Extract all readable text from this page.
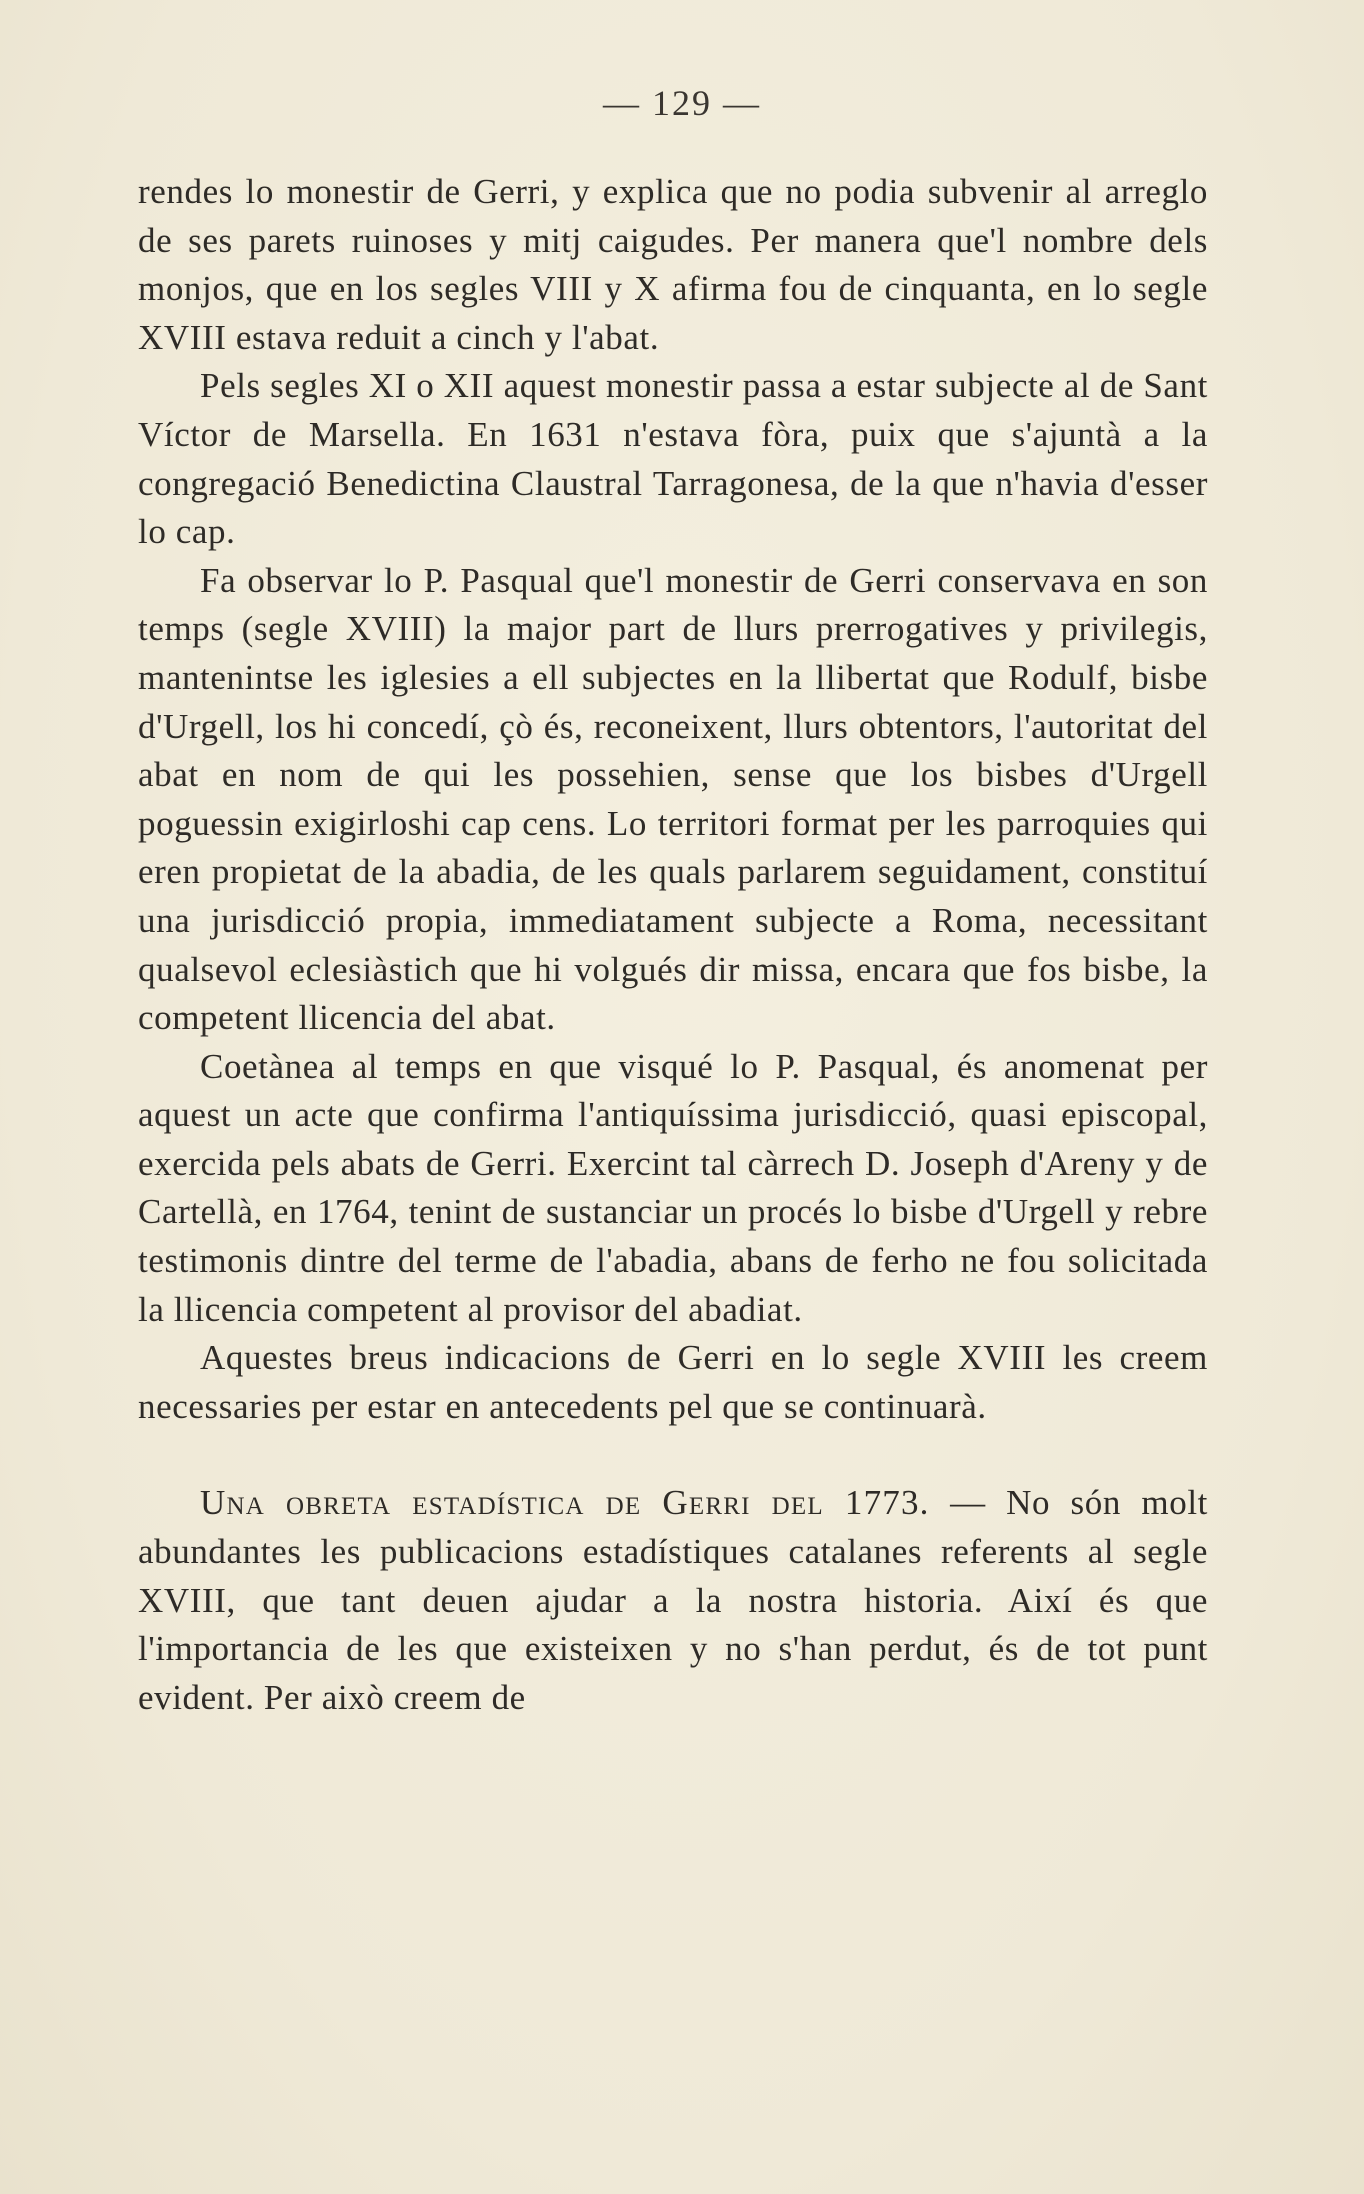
— 129 —

rendes lo monestir de Gerri, y explica que no podia subvenir al arreglo de ses parets ruinoses y mitj caigudes. Per manera que'l nombre dels monjos, que en los segles VIII y X afirma fou de cinquanta, en lo segle XVIII estava reduit a cinch y l'abat.

Pels segles XI o XII aquest monestir passa a estar subjecte al de Sant Víctor de Marsella. En 1631 n'estava fòra, puix que s'ajuntà a la congregació Benedictina Claustral Tarragonesa, de la que n'havia d'esser lo cap.

Fa observar lo P. Pasqual que'l monestir de Gerri conservava en son temps (segle XVIII) la major part de llurs prerrogatives y privilegis, mantenintse les iglesies a ell subjectes en la llibertat que Rodulf, bisbe d'Urgell, los hi concedí, çò és, reconeixent, llurs obtentors, l'autoritat del abat en nom de qui les possehien, sense que los bisbes d'Urgell poguessin exigirloshi cap cens. Lo territori format per les parroquies qui eren propietat de la abadia, de les quals parlarem seguidament, constituí una jurisdicció propia, immediatament subjecte a Roma, necessitant qualsevol eclesiàstich que hi volgués dir missa, encara que fos bisbe, la competent llicencia del abat.

Coetànea al temps en que visqué lo P. Pasqual, és anomenat per aquest un acte que confirma l'antiquíssima jurisdicció, quasi episcopal, exercida pels abats de Gerri. Exercint tal càrrech D. Joseph d'Areny y de Cartellà, en 1764, tenint de sustanciar un procés lo bisbe d'Urgell y rebre testimonis dintre del terme de l'abadia, abans de ferho ne fou solicitada la llicencia competent al provisor del abadiat.

Aquestes breus indicacions de Gerri en lo segle XVIII les creem necessaries per estar en antecedents pel que se continuarà.

Una obreta estadística de Gerri del 1773. — No són molt abundantes les publicacions estadístiques catalanes referents al segle XVIII, que tant deuen ajudar a la nostra historia. Així és que l'importancia de les que existeixen y no s'han perdut, és de tot punt evident. Per això creem de
